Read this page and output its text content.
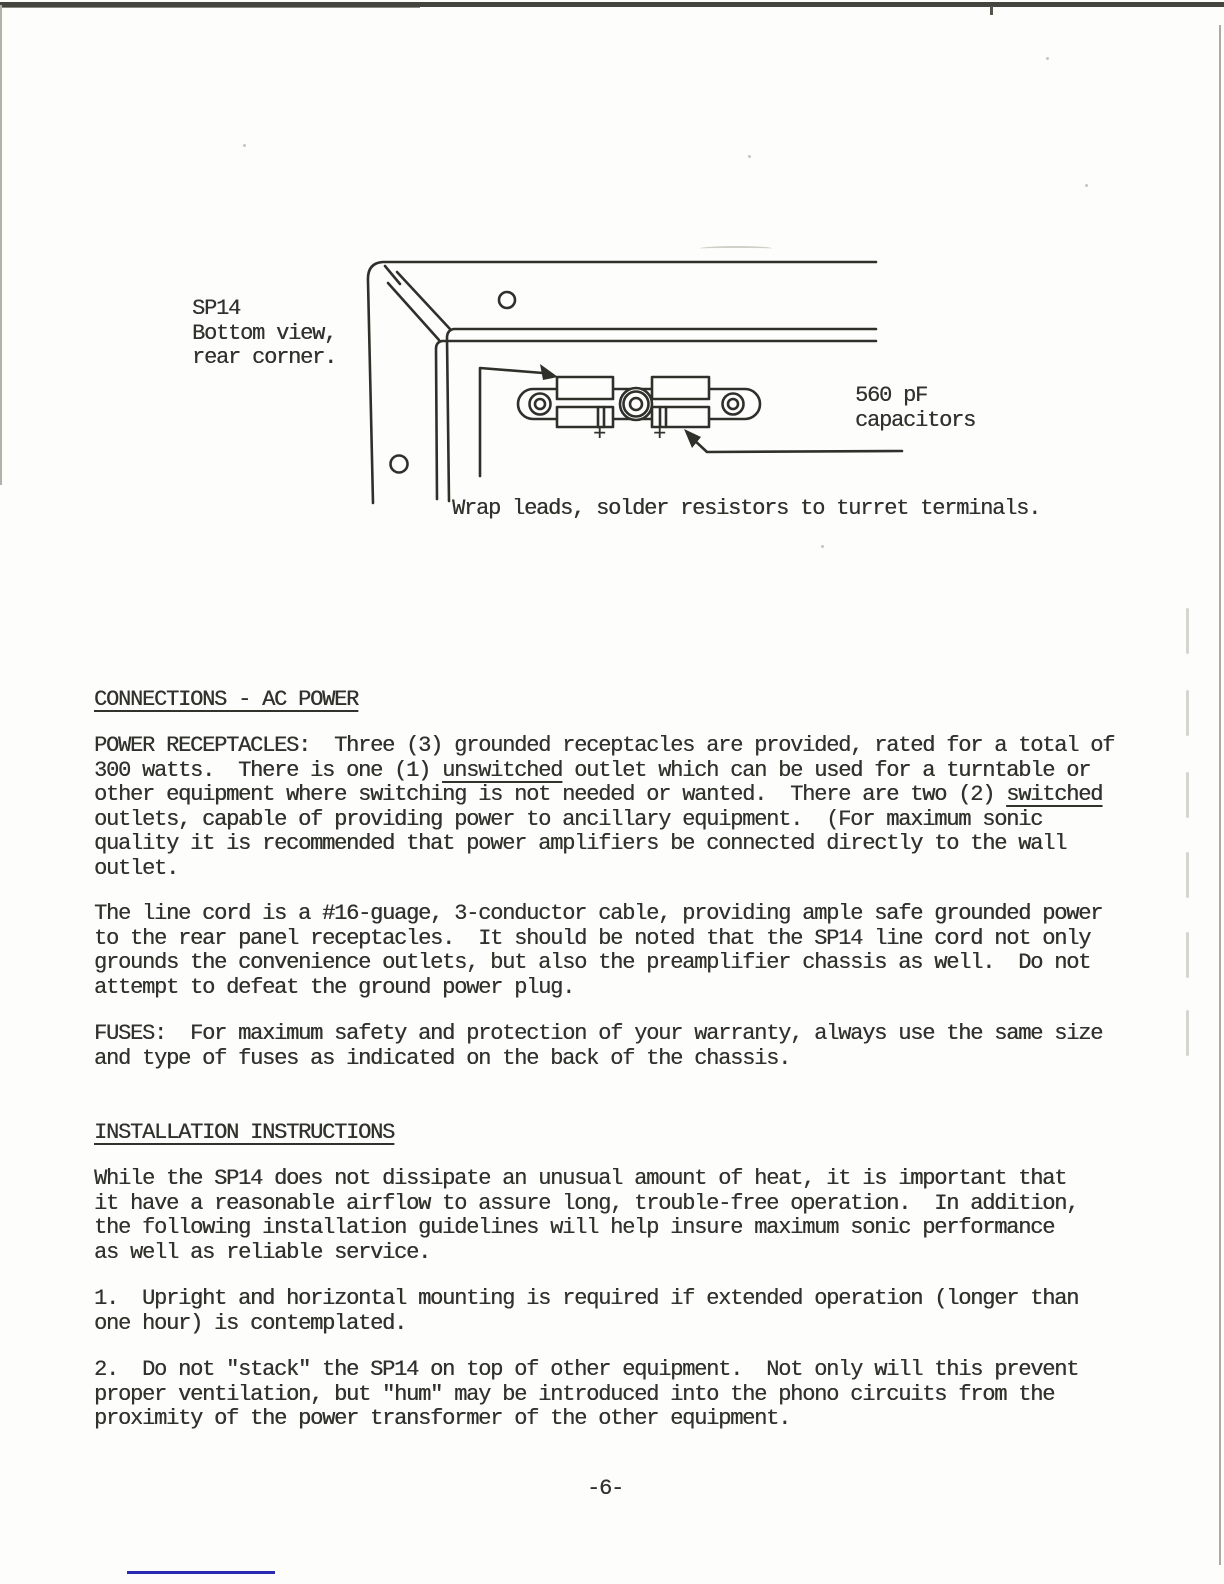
SP14
Bottom view,
rear corner.
560 pF
capacitors
+ +
Wrap leads, solder resistors to turret terminals.
CONNECTIONS - AC POWER
POWER RECEPTACLES:  Three (3) grounded receptacles are provided, rated for a total of
300 watts.  There is one (1) unswitched outlet which can be used for a turntable or
other equipment where switching is not needed or wanted.  There are two (2) switched
outlets, capable of providing power to ancillary equipment.  (For maximum sonic
quality it is recommended that power amplifiers be connected directly to the wall
outlet.
The line cord is a #16-guage, 3-conductor cable, providing ample safe grounded power
to the rear panel receptacles.  It should be noted that the SP14 line cord not only
grounds the convenience outlets, but also the preamplifier chassis as well.  Do not
attempt to defeat the ground power plug.
FUSES:  For maximum safety and protection of your warranty, always use the same size
and type of fuses as indicated on the back of the chassis.
INSTALLATION INSTRUCTIONS
While the SP14 does not dissipate an unusual amount of heat, it is important that
it have a reasonable airflow to assure long, trouble-free operation.  In addition,
the following installation guidelines will help insure maximum sonic performance
as well as reliable service.
1.  Upright and horizontal mounting is required if extended operation (longer than
one hour) is contemplated.
2.  Do not "stack" the SP14 on top of other equipment.  Not only will this prevent
proper ventilation, but "hum" may be introduced into the phono circuits from the
proximity of the power transformer of the other equipment.
-6-
